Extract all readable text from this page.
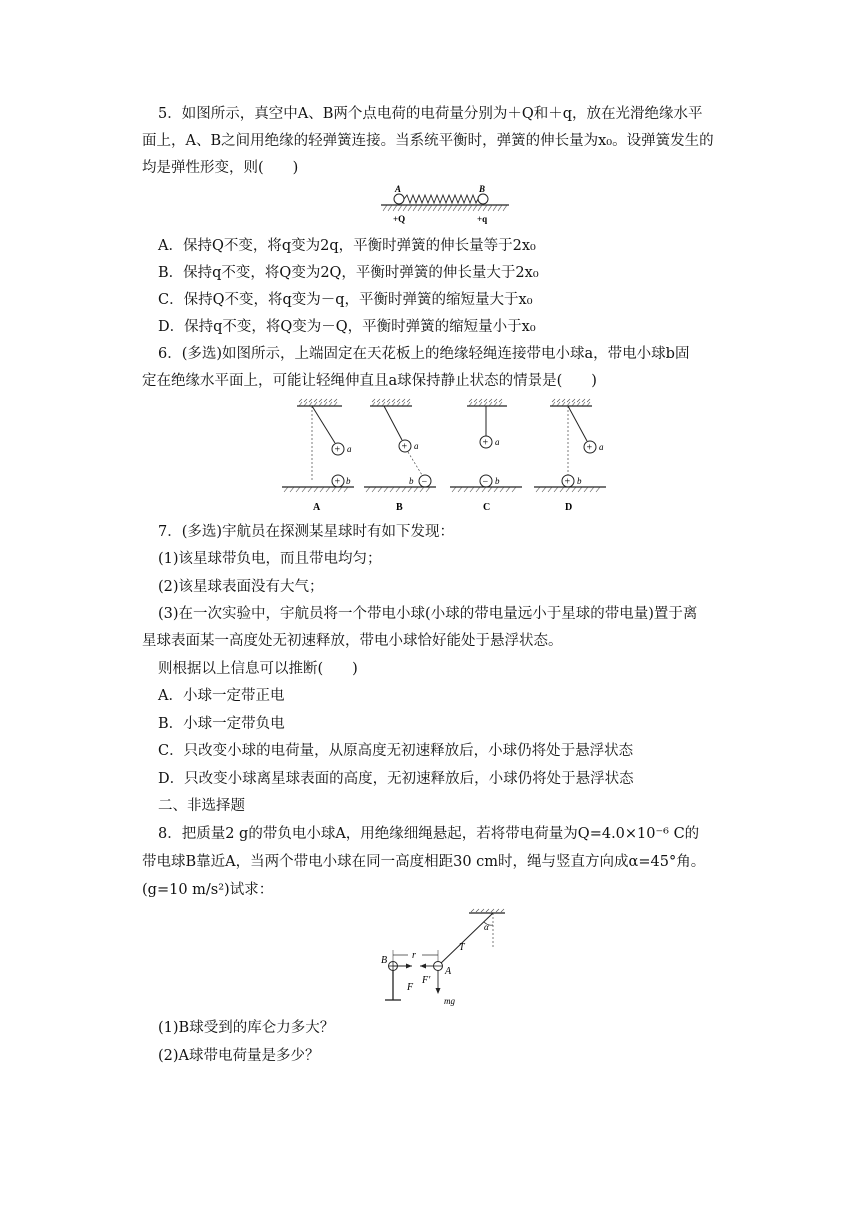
5．如图所示，真空中A、B两个点电荷的电荷量分别为＋Q和＋q，放在光滑绝缘水平
面上，A、B之间用绝缘的轻弹簧连接。当系统平衡时，弹簧的伸长量为x₀。设弹簧发生的
均是弹性形变，则(　　)
A	B
+Q	+q
A．保持Q不变，将q变为2q，平衡时弹簧的伸长量等于2x₀
B．保持q不变，将Q变为2Q，平衡时弹簧的伸长量大于2x₀
C．保持Q不变，将q变为－q，平衡时弹簧的缩短量大于x₀
D．保持q不变，将Q变为－Q，平衡时弹簧的缩短量小于x₀
6．(多选)如图所示，上端固定在天花板上的绝缘轻绳连接带电小球a，带电小球b固
定在绝缘水平面上，可能让轻绳伸直且a球保持静止状态的情景是(　　)
+ a
+ b
A
+ a
−
b
B
+ a
− b
C
+ a
+ b
D
7．(多选)宇航员在探测某星球时有如下发现：
(1)该星球带负电，而且带电均匀；
(2)该星球表面没有大气；
(3)在一次实验中，宇航员将一个带电小球(小球的带电量远小于星球的带电量)置于离
星球表面某一高度处无初速释放，带电小球恰好能处于悬浮状态。
则根据以上信息可以推断(　　)
A．小球一定带正电
B．小球一定带负电
C．只改变小球的电荷量，从原高度无初速释放后，小球仍将处于悬浮状态
D．只改变小球离星球表面的高度，无初速释放后，小球仍将处于悬浮状态
二、非选择题
8．把质量2 g的带负电小球A，用绝缘细绳悬起，若将带电荷量为Q=4.0×10⁻⁶ C的
带电球B靠近A，当两个带电小球在同一高度相距30 cm时，绳与竖直方向成α=45°角。
(g=10 m/s²)试求：
α
T
B
F
r
A
F′
mg
(1)B球受到的库仑力多大？
(2)A球带电荷量是多少？
